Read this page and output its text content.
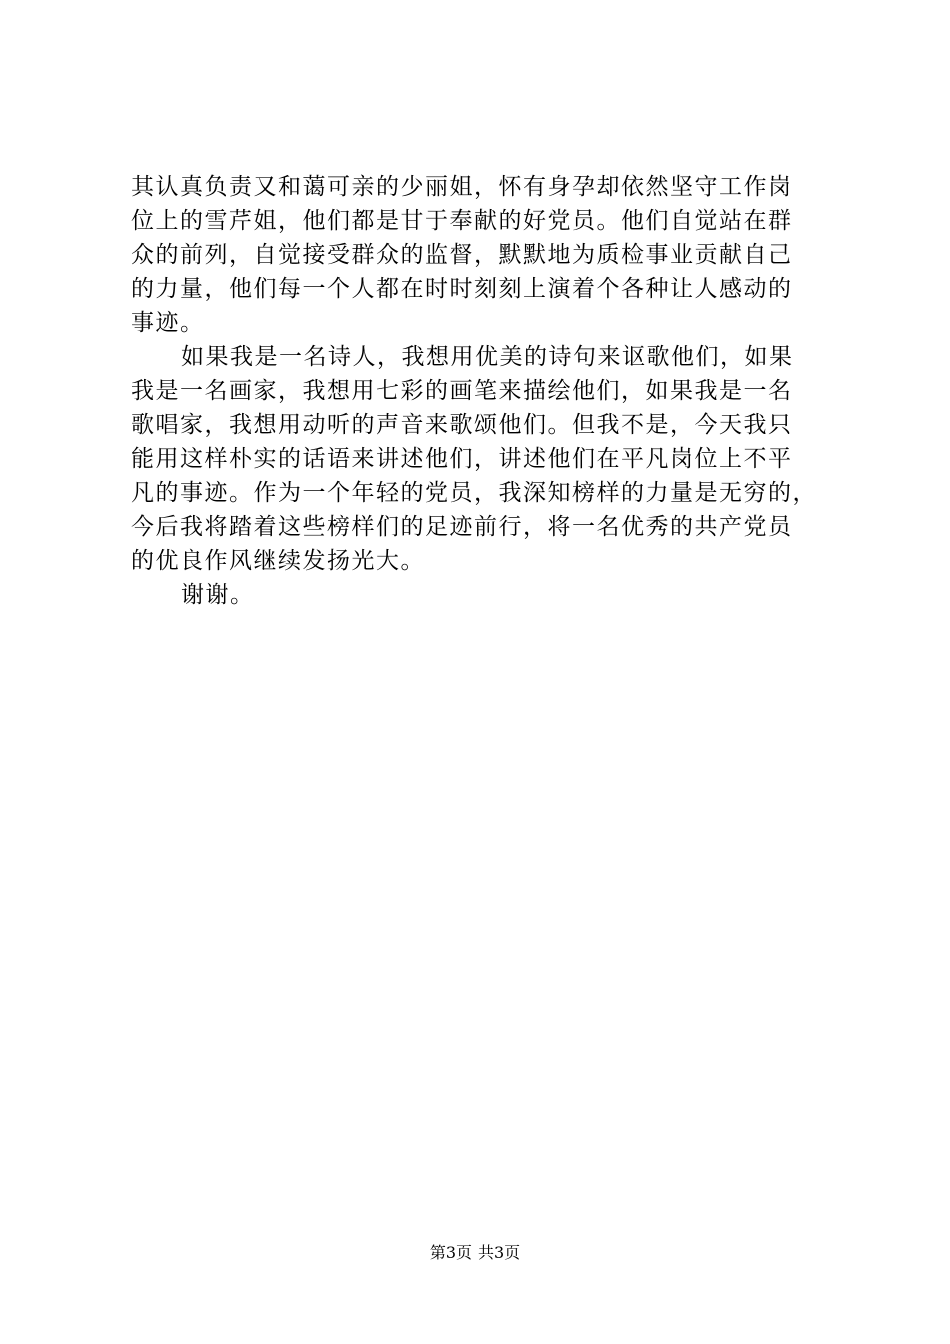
其认真负责又和蔼可亲的少丽姐，怀有身孕却依然坚守工作岗
位上的雪芹姐，他们都是甘于奉献的好党员。他们自觉站在群
众的前列，自觉接受群众的监督，默默地为质检事业贡献自己
的力量，他们每一个人都在时时刻刻上演着个各种让人感动的
事迹。
如果我是一名诗人，我想用优美的诗句来讴歌他们，如果
我是一名画家，我想用七彩的画笔来描绘他们，如果我是一名
歌唱家，我想用动听的声音来歌颂他们。但我不是，今天我只
能用这样朴实的话语来讲述他们，讲述他们在平凡岗位上不平
凡的事迹。作为一个年轻的党员，我深知榜样的力量是无穷的，
今后我将踏着这些榜样们的足迹前行，将一名优秀的共产党员
的优良作风继续发扬光大。
谢谢。
第3页 共3页
